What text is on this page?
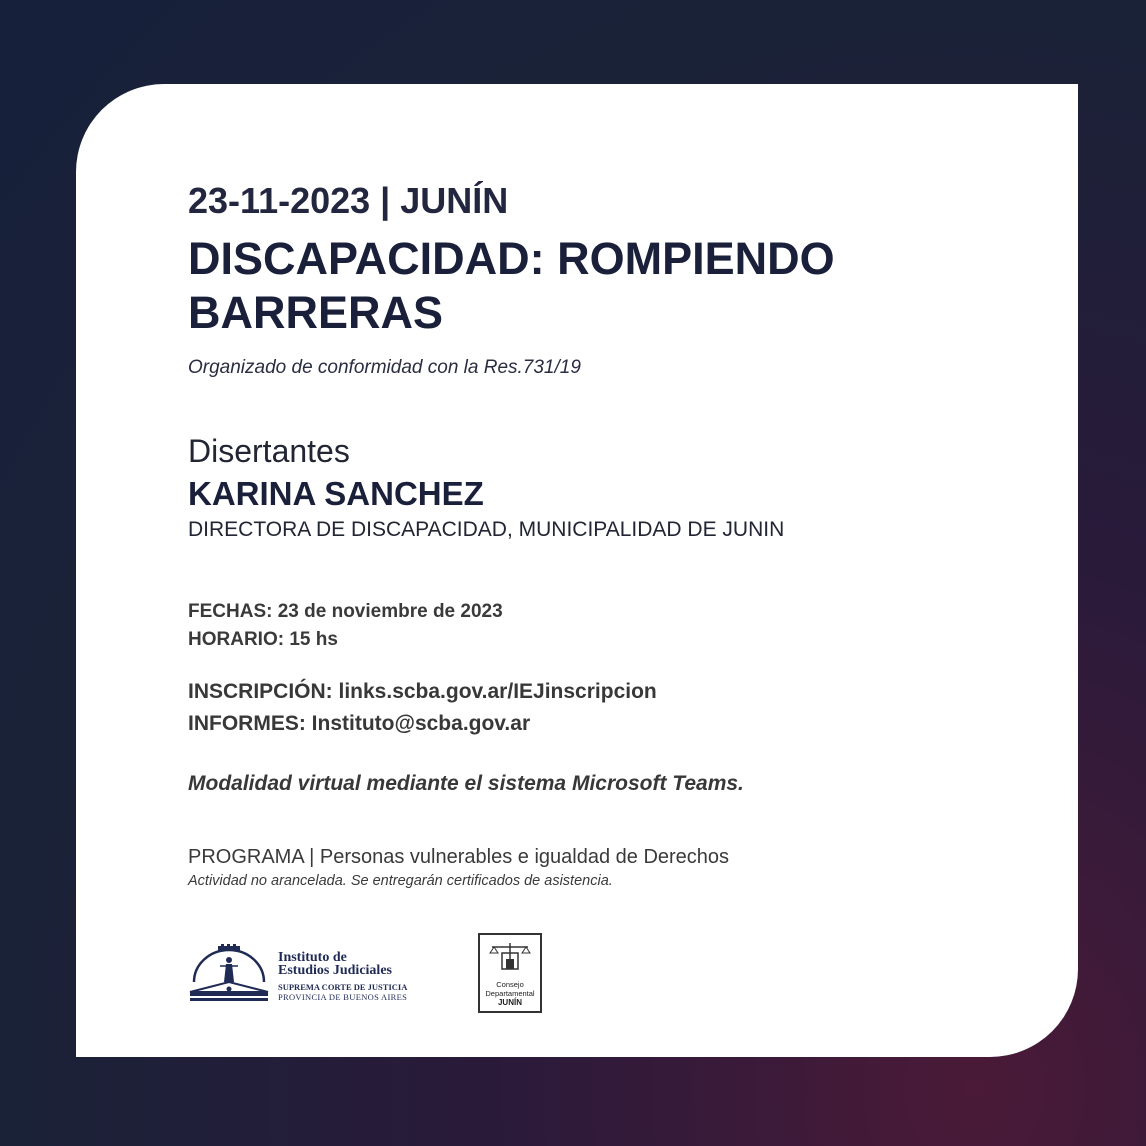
23-11-2023 | JUNÍN
DISCAPACIDAD: ROMPIENDO
BARRERAS

Organizado de conformidad con la Res.731/19

Disertantes

KARINA SANCHEZ

DIRECTORA DE DISCAPACIDAD, MUNICIPALIDAD DE JUNIN

FECHAS: 23 de noviembre de 2023

HORARIO: 15 hs

INSCRIPCIÓN: links.scba.gov.ar/IEJinscripcion

INFORMES: Instituto@scba.gov.ar

Modalidad virtual mediante el sistema Microsoft Teams.

PROGRAMA | Personas vulnerables e igualdad de Derechos

Actividad no arancelada. Se entregarán certificados de asistencia.

Instituto de
Estudios Judiciales
SUPREMA CORTE DE JUSTICIA
PROVINCIA DE BUENOS AIRES
Consejo
Departamental
JUNÍN
